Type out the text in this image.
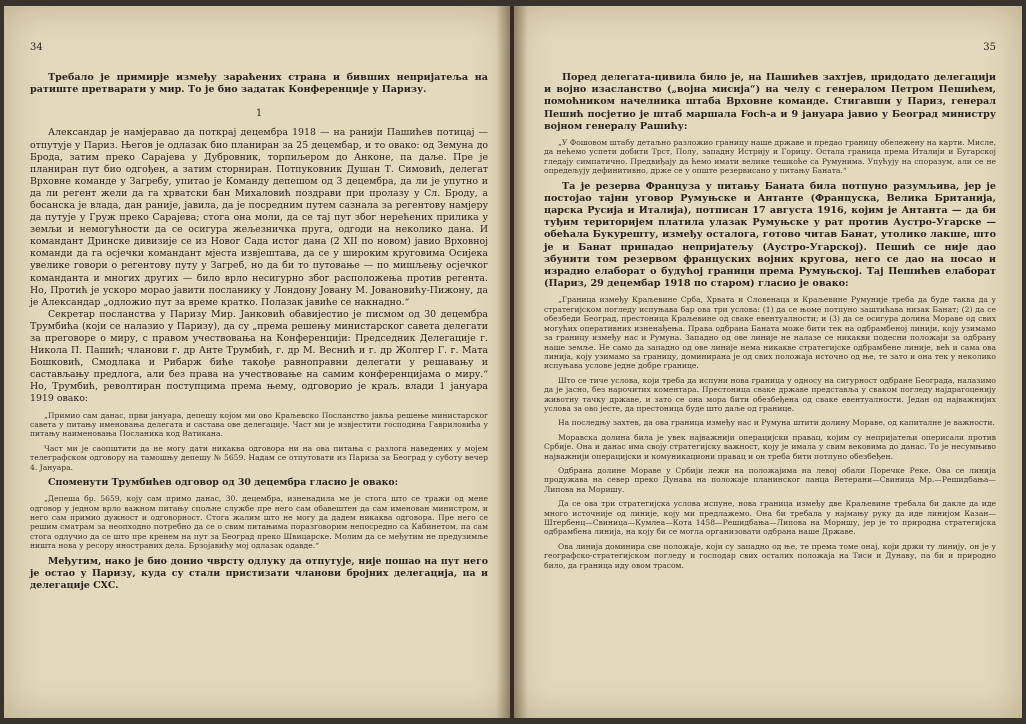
34

Требало је примирје између зараћених страна и бивших непријатеља на ратиште претварати у мир. То је био задатак Конференције у Паризу.

1

Александар је намјеравао да поткрај децембра 1918 — на ранији Пашићев потицај — отпутује у Париз. Његов је одлазак био планиран за 25 децембар, и то овако: од Земуна до Брода, затим преко Сарајева у Дубровник, торпиљером до Анконе, па даље. Пре је планиран пут био одгођен, а затим сторниран. Потпуковник Душан Т. Симовић, делегат Врховне команде у Загребу, упитао је Команду депешом од 3 децембра, да ли је упутно и да ли регент жели да га хрватски бан Михаловић поздрави при пролазу у Сл. Броду, а босанска је влада, дан раније, јавила, да је посредним путем сазнала за регентову намјеру да путује у Груж преко Сарајева; стога она моли, да се тај пут због нерећених прилика у земљи и немогућности да се осигура жељезничка пруга, одгоди на неколико дана. И командант Дринске дивизије се из Новог Сада истог дана (2 XII по новом) јавио Врховној команди да га осјечки командант мјеста извјештава, да се у широким круговима Осијека увелике говори о регентову путу у Загреб, но да би то путовање — по мишљењу осјечког команданта и многих других — било врло несигурно због расположења против регента. Но, Протић је ускоро морао јавити посланику у Лондону Јовану М. Јовановићу-Пижону, да је Александар „одложио пут за време кратко. Полазак јавиће се накнадно.“

Секретар посланства у Паризу Мир. Јанковић обавијестио је писмом од 30 децембра Трумбића (који се налазио у Паризу), да су „према решењу министарског савета делегати за преговоре о миру, с правом учествовања на Конференцији: Председник Делегације г. Никола П. Пашић; чланови г. др Анте Трумбић, г. др М. Веснић и г. др Жолгер Г. г. Мата Бошковић, Смодлака и Рибарж биће такође равноправни делегати у решавању и састављању предлога, али без права на учествовање на самим конференцијама о миру.“ Но, Трумбић, револтиран поступцима према њему, одговорио је краљ. влади 1 јануара 1919 овако:

„Примио сам данас, први јануара, депешу којом ми ово Краљевско Посланство јавља решење министарског савета у питању именовања делегата и састава ове делегације. Част ми је извјестити господина Гавриловића у питању наименовања Посланика код Ватикана.

Част ми је саопштити да не могу дати никаква одговора ни на ова питања с разлога наведених у мојем телеграфском одговору на тамошњу депешу № 5659. Надам се отпутовати из Париза за Београд у суботу вечер 4. Јануара.

Споменути Трумбићев одговор од 30 децембра гласио је овако:

„Депеша бр. 5659, коју сам примо данас, 30. децембра, изненадила ме је стога што се тражи од мене одговор у једном врло важном питању спољне службе пре него сам обавештен да сам именован министром, и него сам примио дужност и одговорност. Стога жалим што не могу да дадем никаква одговора. Пре него се решим сматрам за неопходно потребно да се о свим питањима поразговорим непосредно са Кабинетом, па сам стога одлучио да се што пре кренем на пут за Београд преко Швицарске. Молим да се међутим не предузимље ништа нова у ресору иностраних дела. Брзојавићу мој одлазак одавде.“

Међутим, нако је био донио чврсту одлуку да отпутује, није пошао на пут него је остао у Паризу, куда су стали пристизати чланови бројних делегација, па и делегације СХС.

35

Поред делегата-цивила било је, на Пашићев захтјев, придодато делегацији и војно изасланство („војна мисија“) на челу с генералом Петром Пешићем, помоћником начелника штаба Врховне команде. Стигавши у Париз, генерал Пешић посјетио је штаб маршала Foch-а и 9 јануара јавио у Београд министру војном генералу Рашићу:

„У Фошовом штабу детаљно разложио границу наше државе и предао границу обележену на карти. Мисле, да нећемо успети добити Трст, Полу, западну Истрију и Горицу. Остала граница према Италији и Бугарској гледају симпатично. Предвиђају да ћемо имати велике тешкоће са Румунима. Упућују на споразум, али се не опредељују дефинитивно, држе се у опште резервисано у питању Баната.“

Та је резерва Француза у питању Баната била потпуно разумљива, јер је постојао тајни уговор Румуњске и Антанте (Француска, Велика Британија, царска Русија и Италија), потписан 17 августа 1916, којим је Антанта — да би туђим територијем платила улазак Румуњске у рат против Аустро-Угарске — обећала Букурешту, између осталога, готово читав Банат, утолико лакше, што је и Банат припадао непријатељу (Аустро-Угарској). Пешић се није дао збунити том резервом француских војних кругова, него се дао на посао и израдио елаборат о будућој граници према Румуњској. Тај Пешићев елаборат (Париз, 29 децембар 1918 по старом) гласио је овако:

„Граница између Краљевине Срба, Хрвата и Словенаца и Краљевине Румуније треба да буде таква да у стратегијском погледу испуњава бар ова три услова: (1) да се њоме потпуно заштићава низак Банат; (2) да се обезбеди Београд, престоница Краљевине од сваке евентуалности; и (3) да се осигура долина Мораве од свих могућих оперативних изненађења. Права одбрана Баната може бити тек на одбрамбеној линији, коју узимамо за границу између нас и Румуна. Западно од ове линије не налазе се никакви подесни положаји за одбрану наше земље. Не само да западно од ове линије нема никакве стратегијске одбрамбене линије, већ и сама ова линија, коју узимамо за границу, доминирана је од свих положаја источно од ње, те зато и она тек у неколико испуњава услове једне добре границе.

Што се тиче услова, који треба да испуни нова граница у односу на сигурност одбране Београда, налазимо да је јасно, без нарочитих коментара. Престоница сваке државе представља у сваком погледу најдрагоцениjу животну тачку државе, и зато се она мора бити обезбеђена од сваке евентуалности. Један од најважнијих услова за ово јесте, да престоница буде што даље од границе.

На последњу захтев, да ова граница између нас и Румуна штити долину Мораве, од капиталне је важности.

Моравска долина била је увек најважнији операцијски правац, којим су непријатељи оперисали против Србије. Она и данас има своју стратегијску важност, коју је имала у свим вековима до данас. То је несумњиво најважнији операцијски и комуникациони правац и он треба бити потпуно обезбеђен.

Одбрана долине Мораве у Србији лежи на положајима на левој обали Поречке Реке. Ова се линија продужава на север преко Дунава на положаје планинског ланца Ветерани—Свиница Мр.—Решидбања—Липова на Моришу.

Да се ова три стратегијска услова испуне, нова граница између две Краљевине требала би дакле да иде многo источније од линије, коју ми предлажемо. Она би требала у најмању руку да иде линијом Казан—Штербенц—Свиница—Кумлеа—Кота 1458—Решидбања—Липова на Моришу, јер је то природна стратегијска одбрамбена линија, на коју би се могла организовати одбрана наше Државе.

Ова линија доминира све положаје, који су западно од ње, те према томе онај, који држи ту линију, он је у географско-стратегијском погледу и господар свих осталих положаја на Тиси и Дунаву, па би и природно било, да граница иду овом трасом.
